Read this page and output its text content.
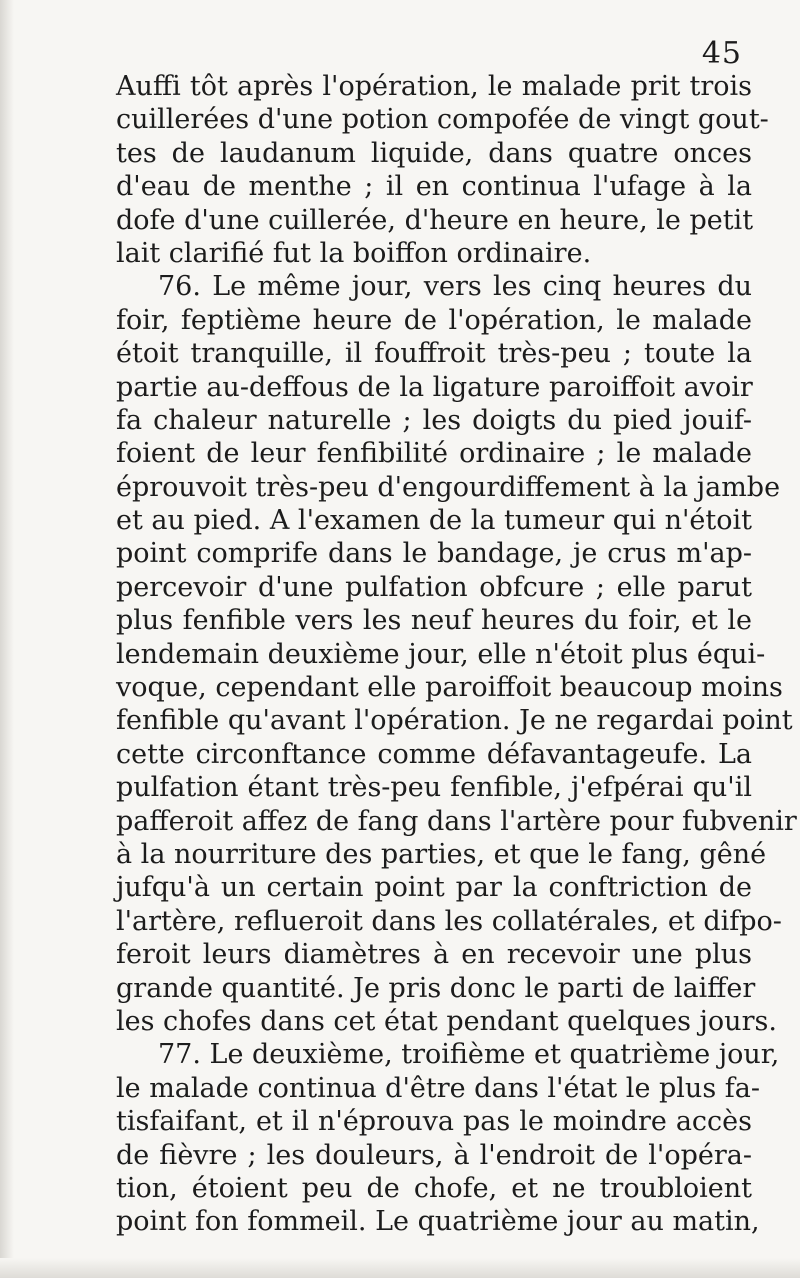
45
Auffi tôt après l'opération, le malade prit trois
cuillerées d'une potion compofée de vingt gout-
tes de laudanum liquide, dans quatre onces
d'eau de menthe ; il en continua l'ufage à la
dofe d'une cuillerée, d'heure en heure, le petit
lait clarifié fut la boiffon ordinaire.
76. Le même jour, vers les cinq heures du
foir, feptième heure de l'opération, le malade
étoit tranquille, il fouffroit très-peu ; toute la
partie au-deffous de la ligature paroiffoit avoir
fa chaleur naturelle ; les doigts du pied jouif-
foient de leur fenfibilité ordinaire ; le malade
éprouvoit très-peu d'engourdiffement à la jambe
et au pied. A l'examen de la tumeur qui n'étoit
point comprife dans le bandage, je crus m'ap-
percevoir d'une pulfation obfcure ; elle parut
plus fenfible vers les neuf heures du foir, et le
lendemain deuxième jour, elle n'étoit plus équi-
voque, cependant elle paroiffoit beaucoup moins
fenfible qu'avant l'opération. Je ne regardai point
cette circonftance comme défavantageufe. La
pulfation étant très-peu fenfible, j'efpérai qu'il
pafferoit affez de fang dans l'artère pour fubvenir
à la nourriture des parties, et que le fang, gêné
jufqu'à un certain point par la conftriction de
l'artère, reflueroit dans les collatérales, et difpo-
feroit leurs diamètres à en recevoir une plus
grande quantité. Je pris donc le parti de laiffer
les chofes dans cet état pendant quelques jours.
77. Le deuxième, troifième et quatrième jour,
le malade continua d'être dans l'état le plus fa-
tisfaifant, et il n'éprouva pas le moindre accès
de fièvre ; les douleurs, à l'endroit de l'opéra-
tion, étoient peu de chofe, et ne troubloient
point fon fommeil. Le quatrième jour au matin,
